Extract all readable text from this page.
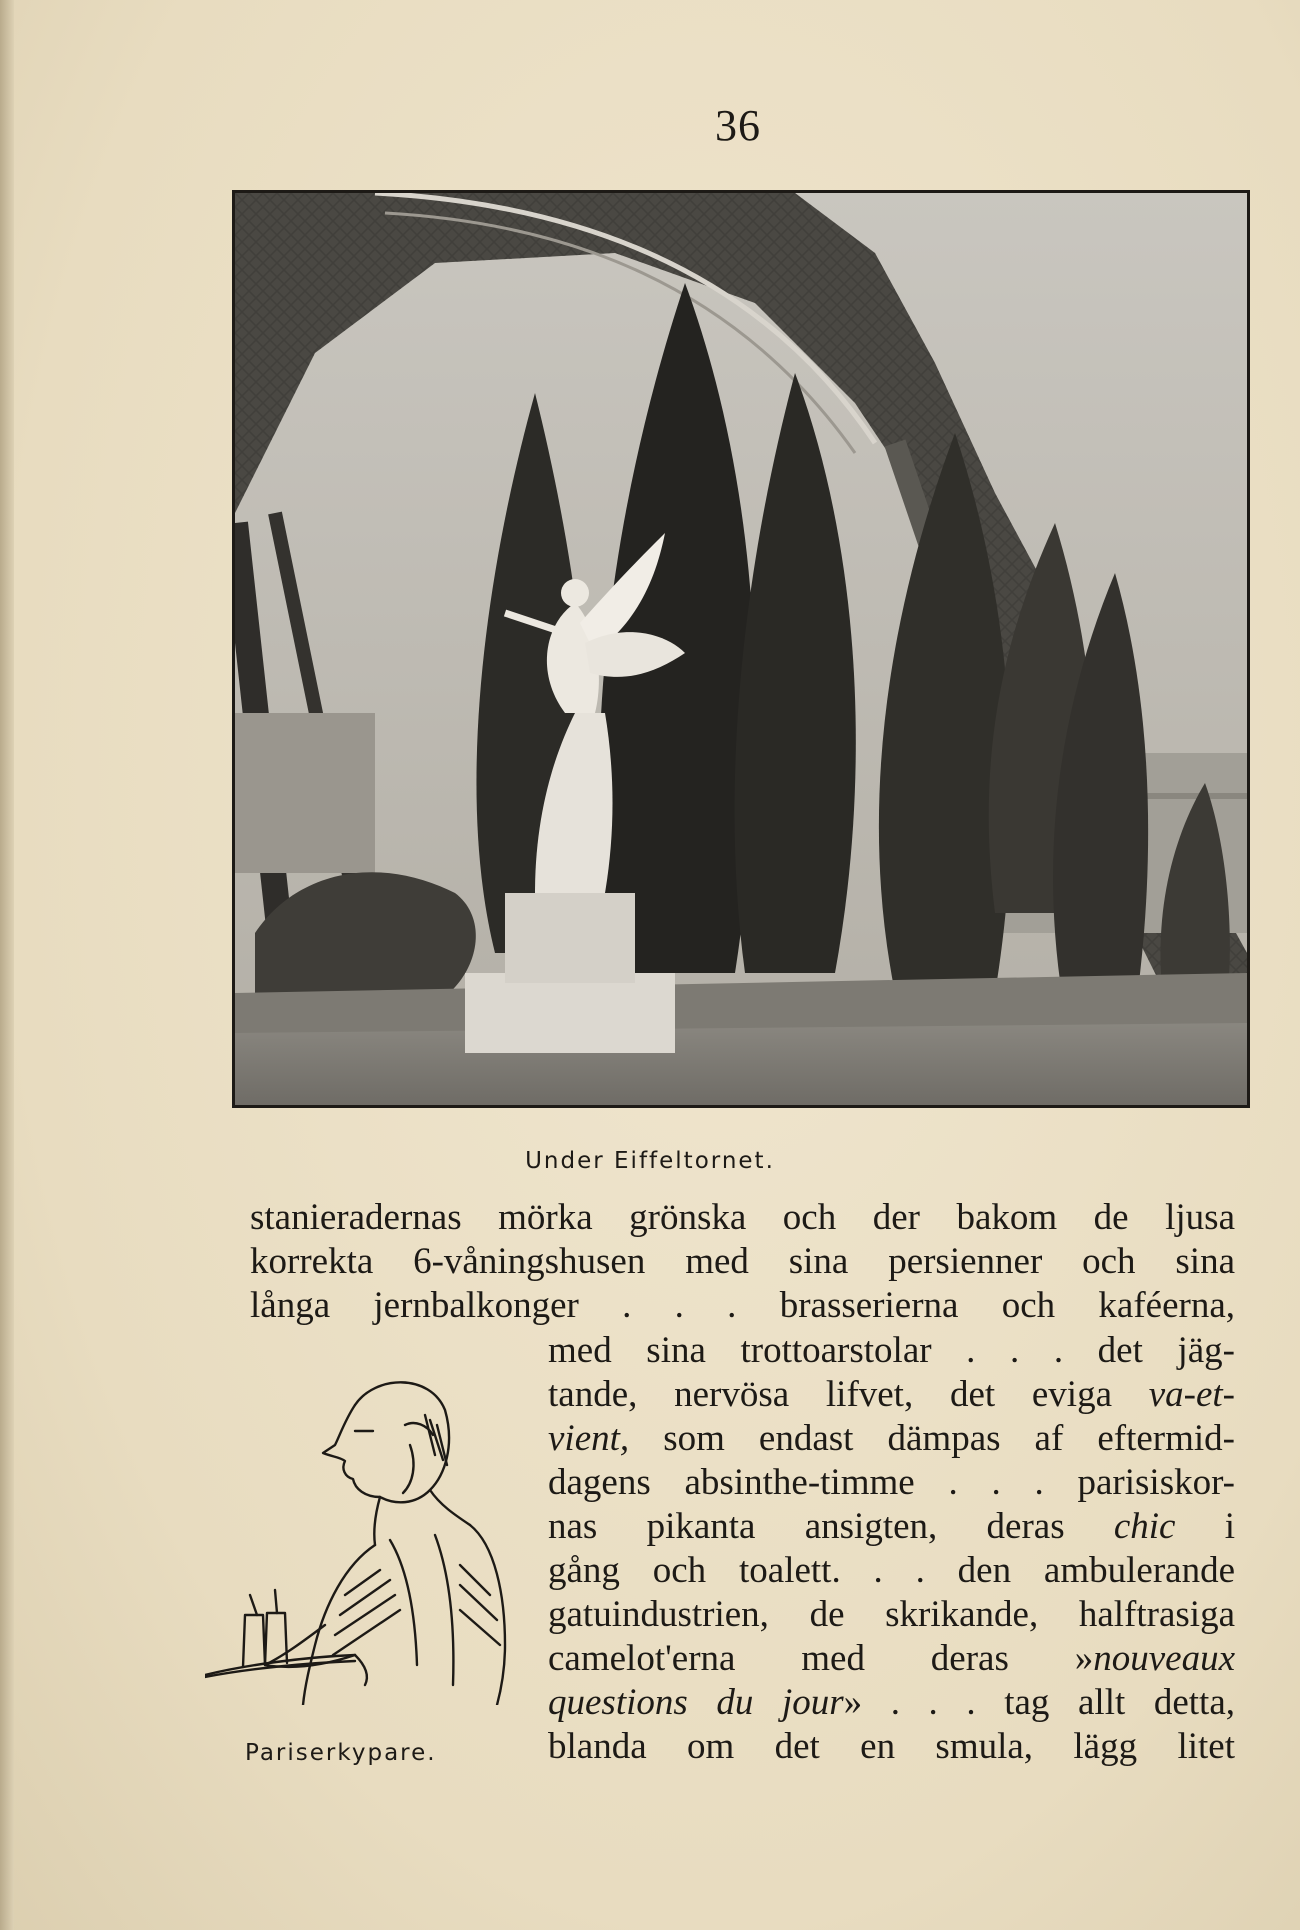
36
Under Eiffeltornet.
stanieradernas mörka grönska och der bakom de ljusa
korrekta 6-våningshusen med sina persienner och sina
långa jernbalkonger . . . brasserierna och kaféerna,
med sina trottoarstolar . . . det jäg-
tande, nervösa lifvet, det eviga va-et-
vient, som endast dämpas af eftermid-
dagens absinthe-timme . . . parisiskor-
nas pikanta ansigten, deras chic i
gång och toalett. . . den ambulerande
gatuindustrien, de skrikande, halftrasiga
camelot'erna med deras »nouveaux
questions du jour» . . . tag allt detta,
blanda om det en smula, lägg litet
Pariserkypare.
